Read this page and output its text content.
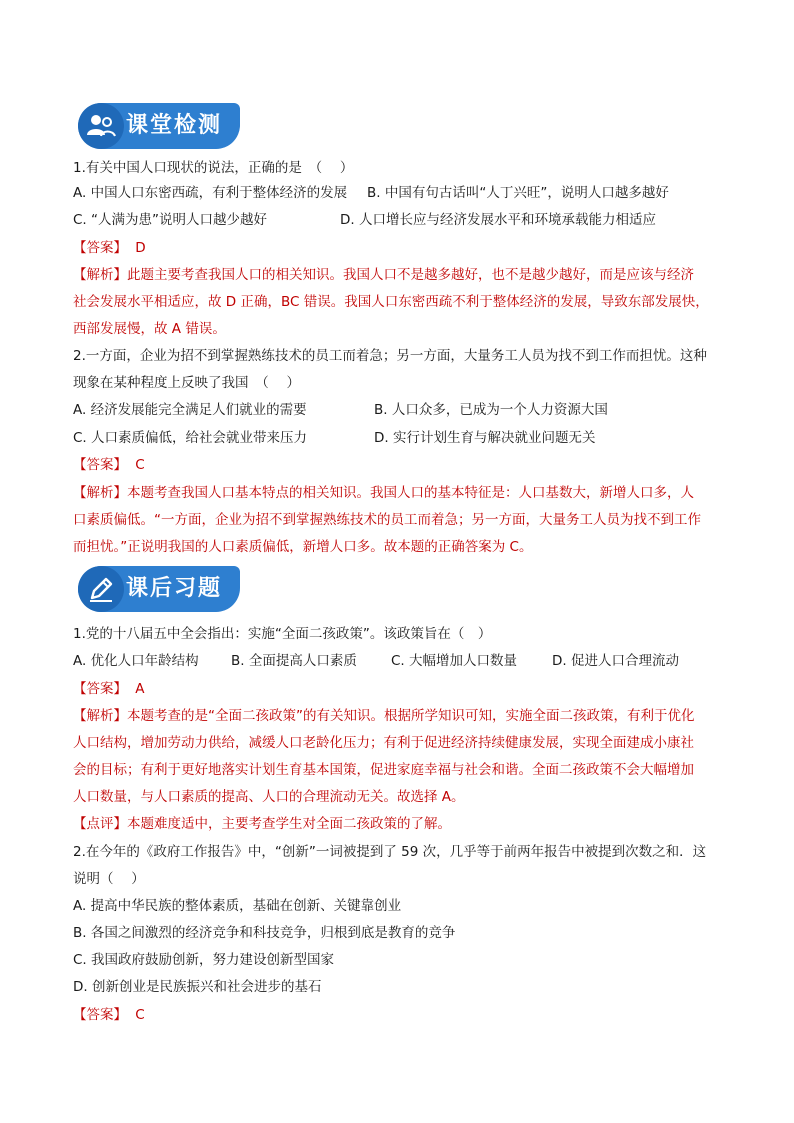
课堂检测
1.有关中国人口现状的说法，正确的是　（　 ）
A. 中国人口东密西疏，有利于整体经济的发展 B. 中国有句古话叫“人丁兴旺”，说明人口越多越好
C. “人满为患”说明人口越少越好	D. 人口增长应与经济发展水平和环境承载能力相适应
【答案】 D
【解析】此题主要考查我国人口的相关知识。我国人口不是越多越好，也不是越少越好，而是应该与经济
社会发展水平相适应，故 D 正确，BC 错误。我国人口东密西疏不利于整体经济的发展，导致东部发展快，
西部发展慢，故 A 错误。
2.一方面，企业为招不到掌握熟练技术的员工而着急；另一方面，大量务工人员为找不到工作而担忧。这种
现象在某种程度上反映了我国　（　 ）
A. 经济发展能完全满足人们就业的需要	B. 人口众多，已成为一个人力资源大国
C. 人口素质偏低，给社会就业带来压力	D. 实行计划生育与解决就业问题无关
【答案】 C
【解析】本题考查我国人口基本特点的相关知识。我国人口的基本特征是：人口基数大，新增人口多，人
口素质偏低。“一方面，企业为招不到掌握熟练技术的员工而着急；另一方面，大量务工人员为找不到工作
而担忧。”正说明我国的人口素质偏低，新增人口多。故本题的正确答案为 C。
课后习题
1.党的十八届五中全会指出：实施“全面二孩政策”。该政策旨在（　）
A. 优化人口年龄结构 B. 全面提高人口素质	C. 大幅增加人口数量	D. 促进人口合理流动
【答案】 A
【解析】本题考查的是“全面二孩政策”的有关知识。根据所学知识可知，实施全面二孩政策，有利于优化
人口结构，增加劳动力供给，减缓人口老龄化压力；有利于促进经济持续健康发展，实现全面建成小康社
会的目标；有利于更好地落实计划生育基本国策，促进家庭幸福与社会和谐。全面二孩政策不会大幅增加
人口数量，与人口素质的提高、人口的合理流动无关。故选择 A。
【点评】本题难度适中，主要考查学生对全面二孩政策的了解。
2.在今年的《政府工作报告》中，“创新”一词被提到了 59 次，几乎等于前两年报告中被提到次数之和．这
说明（　 ）
A. 提高中华民族的整体素质，基础在创新、关键靠创业
B. 各国之间激烈的经济竞争和科技竞争，归根到底是教育的竞争
C. 我国政府鼓励创新，努力建设创新型国家
D. 创新创业是民族振兴和社会进步的基石
【答案】 C
